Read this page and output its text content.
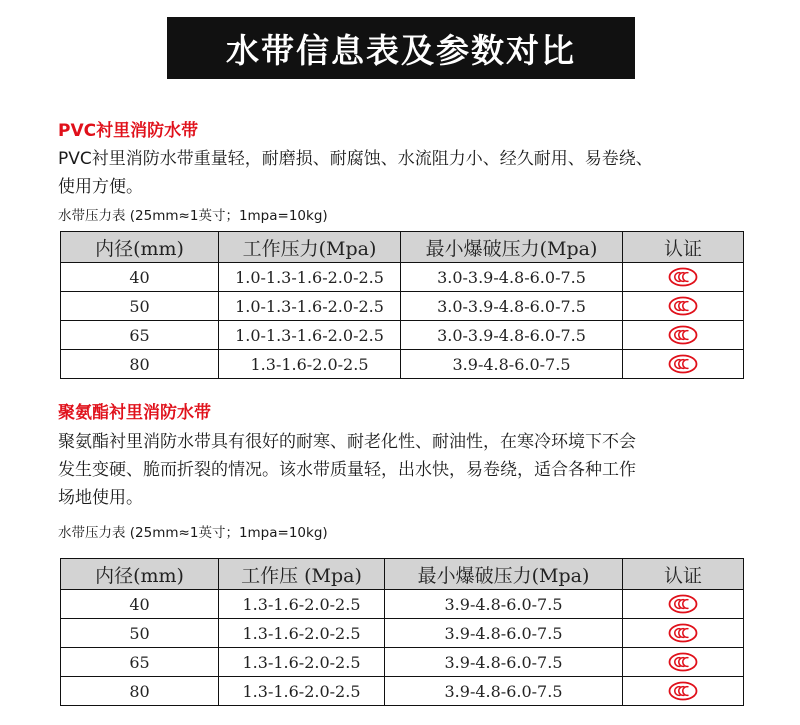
水带信息表及参数对比
PVC衬里消防水带

PVC衬里消防水带重量轻，耐磨损、耐腐蚀、水流阻力小、经久耐用、易卷绕、

使用方便。

水带压力表 (25mm≈1英寸；1mpa=10kg)
内径(mm)	工作压力(Mpa)	最小爆破压力(Mpa)	认证
40	1.0-1.3-1.6-2.0-2.5	3.0-3.9-4.8-6.0-7.5	
50	1.0-1.3-1.6-2.0-2.5	3.0-3.9-4.8-6.0-7.5	
65	1.0-1.3-1.6-2.0-2.5	3.0-3.9-4.8-6.0-7.5	
80	1.3-1.6-2.0-2.5	3.9-4.8-6.0-7.5	
聚氨酯衬里消防水带

聚氨酯衬里消防水带具有很好的耐寒、耐老化性、耐油性，在寒冷环境下不会

发生变硬、脆而折裂的情况。该水带质量轻，出水快，易卷绕，适合各种工作

场地使用。

水带压力表 (25mm≈1英寸；1mpa=10kg)
内径(mm)	工作压 (Mpa)	最小爆破压力(Mpa)	认证
40	1.3-1.6-2.0-2.5	3.9-4.8-6.0-7.5	
50	1.3-1.6-2.0-2.5	3.9-4.8-6.0-7.5	
65	1.3-1.6-2.0-2.5	3.9-4.8-6.0-7.5	
80	1.3-1.6-2.0-2.5	3.9-4.8-6.0-7.5	
